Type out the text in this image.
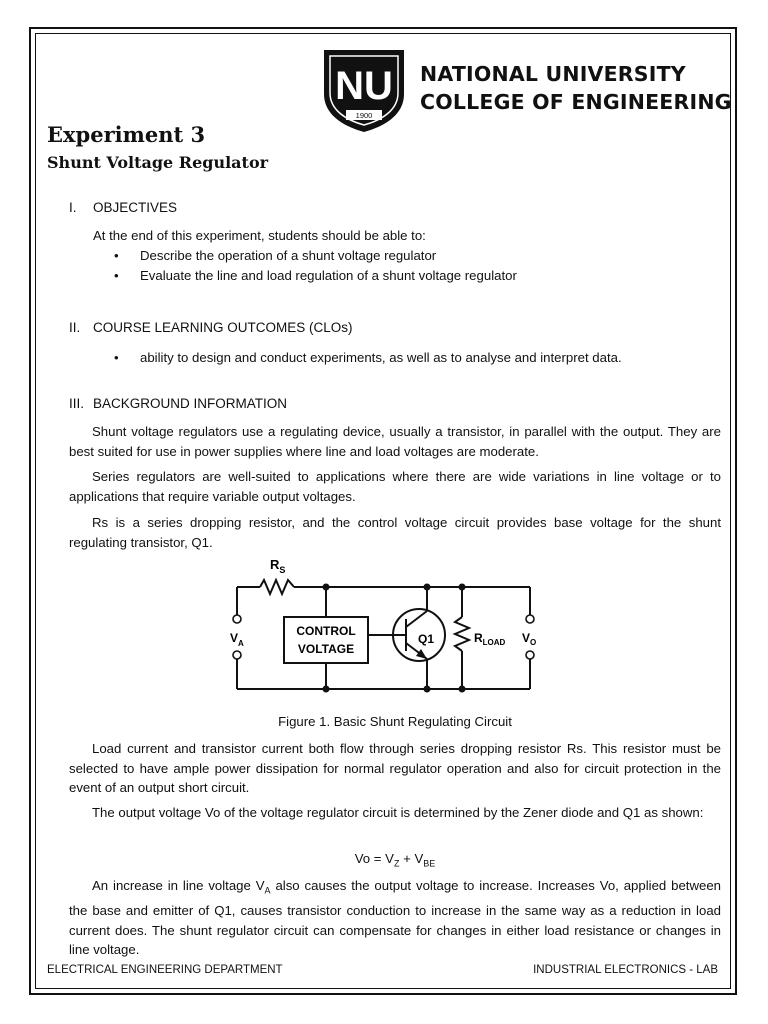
NU
1900
NATIONAL UNIVERSITY
COLLEGE OF ENGINEERING
Experiment 3
Shunt Voltage Regulator
I. OBJECTIVES
At the end of this experiment, students should be able to:
• Describe the operation of a shunt voltage regulator
• Evaluate the line and load regulation of a shunt voltage regulator
II. COURSE LEARNING OUTCOMES (CLOs)
• ability to design and conduct experiments, as well as to analyse and interpret data.
III. BACKGROUND INFORMATION
Shunt voltage regulators use a regulating device, usually a transistor, in parallel with the output. They are best suited for use in power supplies where line and load voltages are moderate.
Series regulators are well-suited to applications where there are wide variations in line voltage or to applications that require variable output voltages.
Rs is a series dropping resistor, and the control voltage circuit provides base voltage for the shunt regulating transistor, Q1.
$R_S$
CONTROL
VOLTAGE
Q1
$V_A$	$R_{LOAD}$ $V_O$
Figure 1. Basic Shunt Regulating Circuit
Load current and transistor current both flow through series dropping resistor Rs. This resistor must be selected to have ample power dissipation for normal regulator operation and also for circuit protection in the event of an output short circuit.
The output voltage Vo of the voltage regulator circuit is determined by the Zener diode and Q1 as shown:
$Vo = V_Z + V_{BE}$
An increase in line voltage $V_A$ also causes the output voltage to increase. Increases Vo, applied between the base and emitter of Q1, causes transistor conduction to increase in the same way as a reduction in load current does. The shunt regulator circuit can compensate for changes in either load resistance or changes in line voltage.
ELECTRICAL ENGINEERING DEPARTMENT	INDUSTRIAL ELECTRONICS - LAB
